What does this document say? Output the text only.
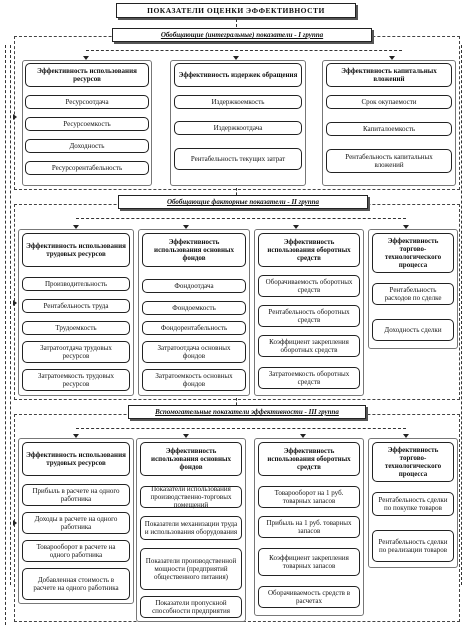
ПОКАЗАТЕЛИ ОЦЕНКИ ЭФФЕКТИВНОСТИ
Обобщающие (интегральные) показатели - I группа
Эффективность использования ресурсов
Ресурсоотдача
Ресурсоемкость
Доходность
Ресурсорентабельность
Эффективность издержек обращения
Издержкоемкость
Издержкоотдача
Рентабельность текущих затрат
Эффективность капитальных вложений
Срок окупаемости
Капиталоемкость
Рентабельность капитальных вложений
Обобщающие факторные показатели - II группа
Эффективность использования трудовых ресурсов
Производительность
Рентабельность труда
Трудоемкость
Затратоотдача трудовых ресурсов
Затратоемкость трудовых ресурсов
Эффективность использования основных фондов
Фондоотдача
Фондоемкость
Фондорентабельность
Затратоотдача основных фондов
Затратоемкость основных фондов
Эффективность использования оборотных средств
Оборачиваемость оборотных средств
Рентабельность оборотных средств
Коэффициент закрепления оборотных средств
Затратоемкость оборотных средств
Эффективность торгово-технологического процесса
Рентабельность расходов по сделке
Доходность сделки
Вспомогательные показатели эффективности - III группа
Эффективность использования трудовых ресурсов
Прибыль в расчете на одного работника
Доходы в расчете на одного работника
Товарооборот в расчете на одного работника
Добавленная стоимость в расчете на одного работника
Эффективность использования основных фондов
Показатели использования производственно-торговых помещений
Показатели механизации труда и использования оборудования
Показатели производственной мощности (предприятий общественного питания)
Показатели пропускной способности предприятия
Эффективность использования оборотных средств
Товарооборот на 1 руб. товарных запасов
Прибыль на 1 руб. товарных запасов
Коэффициент закрепления товарных запасов
Оборачиваемость средств в расчетах
Эффективность торгово-технологического процесса
Рентабельность сделки по покупке товаров
Рентабельность сделки по реализации товаров
